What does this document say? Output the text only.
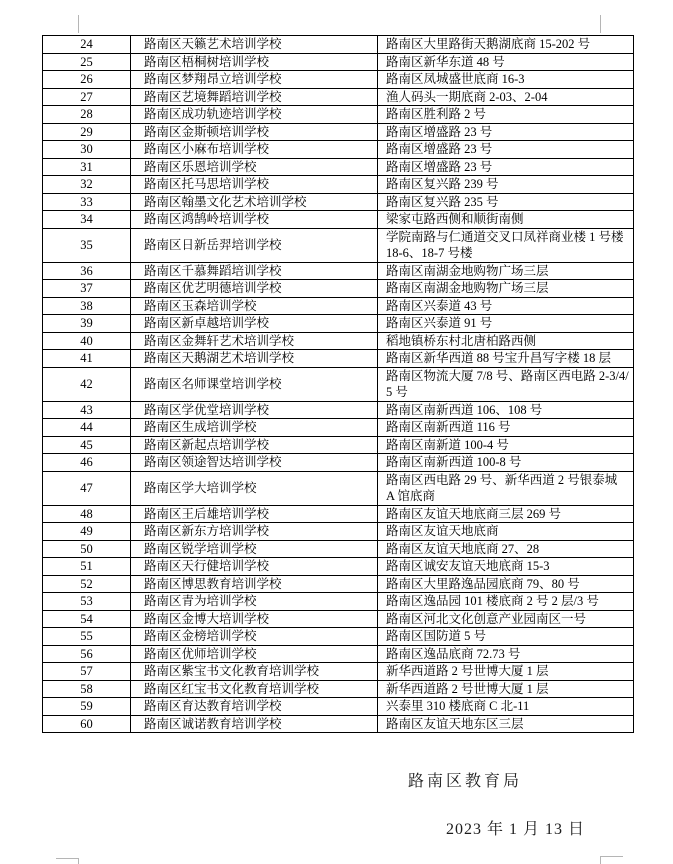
24	路南区天籁艺术培训学校	路南区大里路街天鹅湖底商 15-202 号
25	路南区梧桐树培训学校	路南区新华东道 48 号
26	路南区梦翔昂立培训学校	路南区凤城盛世底商 16-3
27	路南区艺境舞蹈培训学校	渔人码头一期底商 2-03、2-04
28	路南区成功轨迹培训学校	路南区胜利路 2 号
29	路南区金斯顿培训学校	路南区增盛路 23 号
30	路南区小麻布培训学校	路南区增盛路 23 号
31	路南区乐恩培训学校	路南区增盛路 23 号
32	路南区托马思培训学校	路南区复兴路 239 号
33	路南区翰墨文化艺术培训学校	路南区复兴路 235 号
34	路南区鸿鹄岭培训学校	梁家屯路西侧和顺街南侧
35	路南区日新岳羿培训学校	学院南路与仁通道交叉口凤祥商业楼 1 号楼 18-6、18-7 号楼
36	路南区千慕舞蹈培训学校	路南区南湖金地购物广场三层
37	路南区优艺明德培训学校	路南区南湖金地购物广场三层
38	路南区玉森培训学校	路南区兴泰道 43 号
39	路南区新卓越培训学校	路南区兴泰道 91 号
40	路南区金舞轩艺术培训学校	稻地镇桥东村北唐柏路西侧
41	路南区天鹅湖艺术培训学校	路南区新华西道 88 号宝升昌写字楼 18 层
42	路南区名师课堂培训学校	路南区物流大厦 7/8 号、路南区西电路 2-3/4/5 号
43	路南区学优堂培训学校	路南区南新西道 106、108 号
44	路南区生成培训学校	路南区南新西道 116 号
45	路南区新起点培训学校	路南区南新道 100-4 号
46	路南区领途智达培训学校	路南区南新西道 100-8 号
47	路南区学大培训学校	路南区西电路 29 号、新华西道 2 号银泰城 A 馆底商
48	路南区王后雄培训学校	路南区友谊天地底商三层 269 号
49	路南区新东方培训学校	路南区友谊天地底商
50	路南区锐学培训学校	路南区友谊天地底商 27、28
51	路南区天行健培训学校	路南区诚安友谊天地底商 15-3
52	路南区博思教育培训学校	路南区大里路逸品园底商 79、80 号
53	路南区青为培训学校	路南区逸品园 101 楼底商 2 号 2 层/3 号
54	路南区金博大培训学校	路南区河北文化创意产业园南区一号
55	路南区金榜培训学校	路南区国防道 5 号
56	路南区优师培训学校	路南区逸品底商 72.73 号
57	路南区紫宝书文化教育培训学校	新华西道路 2 号世博大厦 1 层
58	路南区红宝书文化教育培训学校	新华西道路 2 号世博大厦 1 层
59	路南区育达教育培训学校	兴泰里 310 楼底商 C 北-11
60	路南区诚诺教育培训学校	路南区友谊天地东区三层
路南区教育局
2023 年 1 月 13 日
